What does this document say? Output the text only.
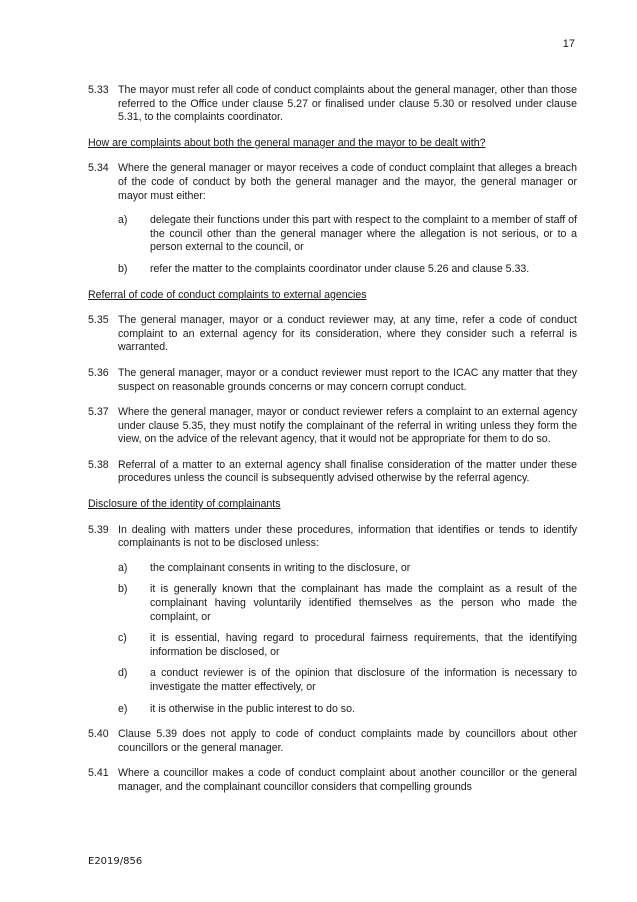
17
5.33 The mayor must refer all code of conduct complaints about the general manager, other than those referred to the Office under clause 5.27 or finalised under clause 5.30 or resolved under clause 5.31, to the complaints coordinator.
How are complaints about both the general manager and the mayor to be dealt with?
5.34 Where the general manager or mayor receives a code of conduct complaint that alleges a breach of the code of conduct by both the general manager and the mayor, the general manager or mayor must either:
a) delegate their functions under this part with respect to the complaint to a member of staff of the council other than the general manager where the allegation is not serious, or to a person external to the council, or
b) refer the matter to the complaints coordinator under clause 5.26 and clause 5.33.
Referral of code of conduct complaints to external agencies
5.35 The general manager, mayor or a conduct reviewer may, at any time, refer a code of conduct complaint to an external agency for its consideration, where they consider such a referral is warranted.
5.36 The general manager, mayor or a conduct reviewer must report to the ICAC any matter that they suspect on reasonable grounds concerns or may concern corrupt conduct.
5.37 Where the general manager, mayor or conduct reviewer refers a complaint to an external agency under clause 5.35, they must notify the complainant of the referral in writing unless they form the view, on the advice of the relevant agency, that it would not be appropriate for them to do so.
5.38 Referral of a matter to an external agency shall finalise consideration of the matter under these procedures unless the council is subsequently advised otherwise by the referral agency.
Disclosure of the identity of complainants
5.39 In dealing with matters under these procedures, information that identifies or tends to identify complainants is not to be disclosed unless:
a) the complainant consents in writing to the disclosure, or
b) it is generally known that the complainant has made the complaint as a result of the complainant having voluntarily identified themselves as the person who made the complaint, or
c) it is essential, having regard to procedural fairness requirements, that the identifying information be disclosed, or
d) a conduct reviewer is of the opinion that disclosure of the information is necessary to investigate the matter effectively, or
e) it is otherwise in the public interest to do so.
5.40 Clause 5.39 does not apply to code of conduct complaints made by councillors about other councillors or the general manager.
5.41 Where a councillor makes a code of conduct complaint about another councillor or the general manager, and the complainant councillor considers that compelling grounds
E2019/856
